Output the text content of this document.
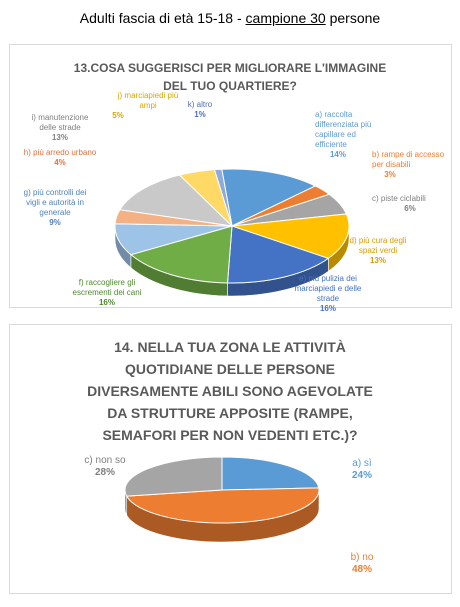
Adulti fascia di età 15-18 - campione 30 persone
13.COSA SUGGERISCI PER MIGLIORARE L'IMMAGINE
DEL TUO QUARTIERE?
a) raccolta
differenziata più
capillare ed
efficiente
14%	b) rampe di accesso
per disabili
3%
c) piste ciclabili
6%
d) più cura degli
spazi verdi
13%
e) più pulizia dei
marciapiedi e delle
strade
16%
f) raccogliere gli
escrementi dei cani
16%
g) più controlli dei
vigli e autorità in
generale
9%
h) più arredo urbano
4%
i) manutenzione
delle strade
13%
j) marciapiedi più
ampi
5%
k) altro
1%
14. NELLA TUA ZONA LE ATTIVITÀ
QUOTIDIANE DELLE PERSONE
DIVERSAMENTE ABILI SONO AGEVOLATE
DA STRUTTURE APPOSITE (RAMPE,
SEMAFORI PER NON VEDENTI ETC.)?
a) sì
24%
b) no
48%
c) non so
28%
